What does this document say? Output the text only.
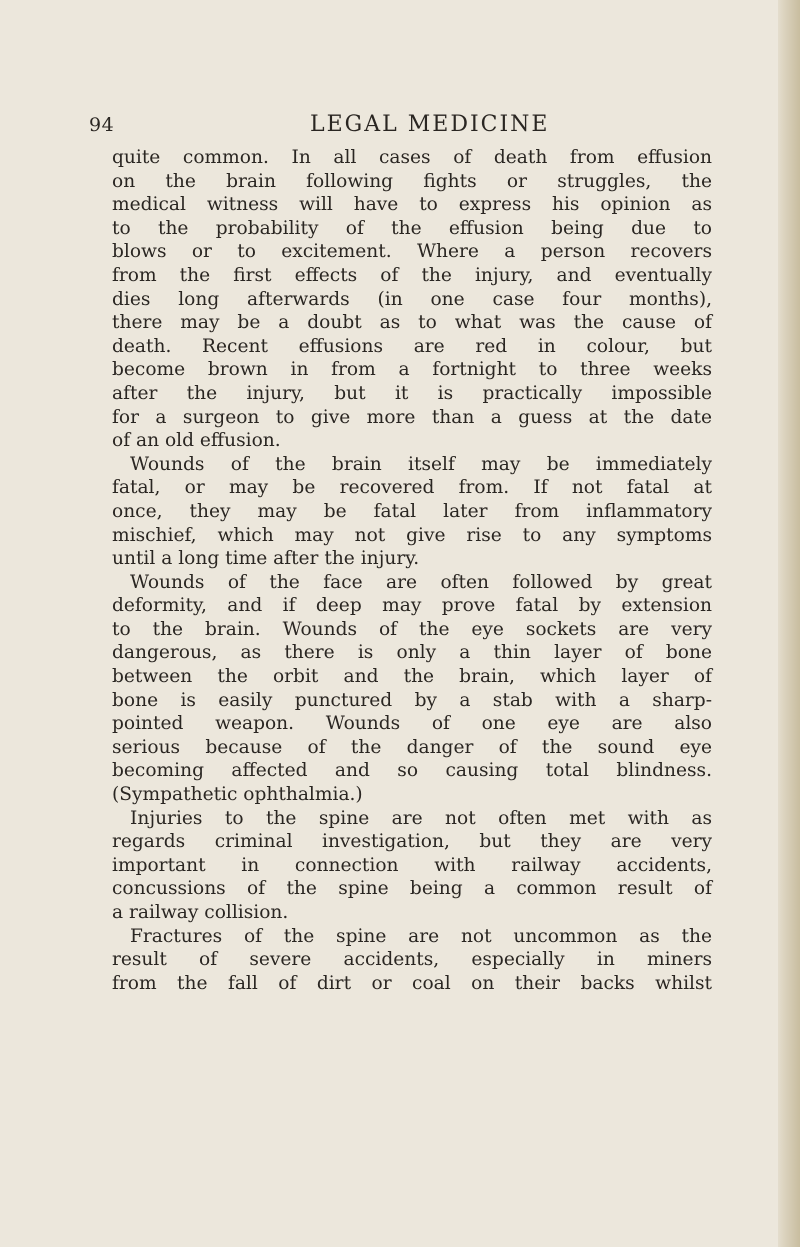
94	LEGAL MEDICINE
quite common. In all cases of death from effusion
on the brain following fights or struggles, the
medical witness will have to express his opinion as
to the probability of the effusion being due to
blows or to excitement. Where a person recovers
from the first effects of the injury, and eventually
dies long afterwards (in one case four months),
there may be a doubt as to what was the cause of
death. Recent effusions are red in colour, but
become brown in from a fortnight to three weeks
after the injury, but it is practically impossible
for a surgeon to give more than a guess at the date
of an old effusion.
Wounds of the brain itself may be immediately
fatal, or may be recovered from. If not fatal at
once, they may be fatal later from inflammatory
mischief, which may not give rise to any symptoms
until a long time after the injury.
Wounds of the face are often followed by great
deformity, and if deep may prove fatal by extension
to the brain. Wounds of the eye sockets are very
dangerous, as there is only a thin layer of bone
between the orbit and the brain, which layer of
bone is easily punctured by a stab with a sharp-
pointed weapon. Wounds of one eye are also
serious because of the danger of the sound eye
becoming affected and so causing total blindness.
(Sympathetic ophthalmia.)
Injuries to the spine are not often met with as
regards criminal investigation, but they are very
important in connection with railway accidents,
concussions of the spine being a common result of
a railway collision.
Fractures of the spine are not uncommon as the
result of severe accidents, especially in miners
from the fall of dirt or coal on their backs whilst
